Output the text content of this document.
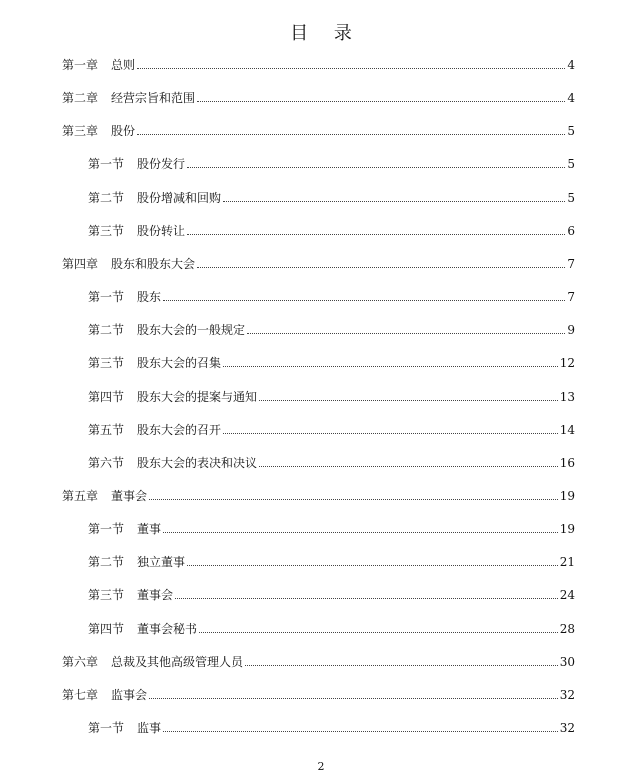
目 录
第一章 总则	4
第二章 经营宗旨和范围	4
第三章 股份	5
第一节 股份发行	5
第二节 股份增减和回购	5
第三节 股份转让	6
第四章 股东和股东大会	7
第一节 股东	7
第二节 股东大会的一般规定	9
第三节 股东大会的召集	12
第四节 股东大会的提案与通知	13
第五节 股东大会的召开	14
第六节 股东大会的表决和决议	16
第五章 董事会	19
第一节 董事	19
第二节 独立董事	21
第三节 董事会	24
第四节 董事会秘书	28
第六章 总裁及其他高级管理人员	30
第七章 监事会	32
第一节 监事	32
2
